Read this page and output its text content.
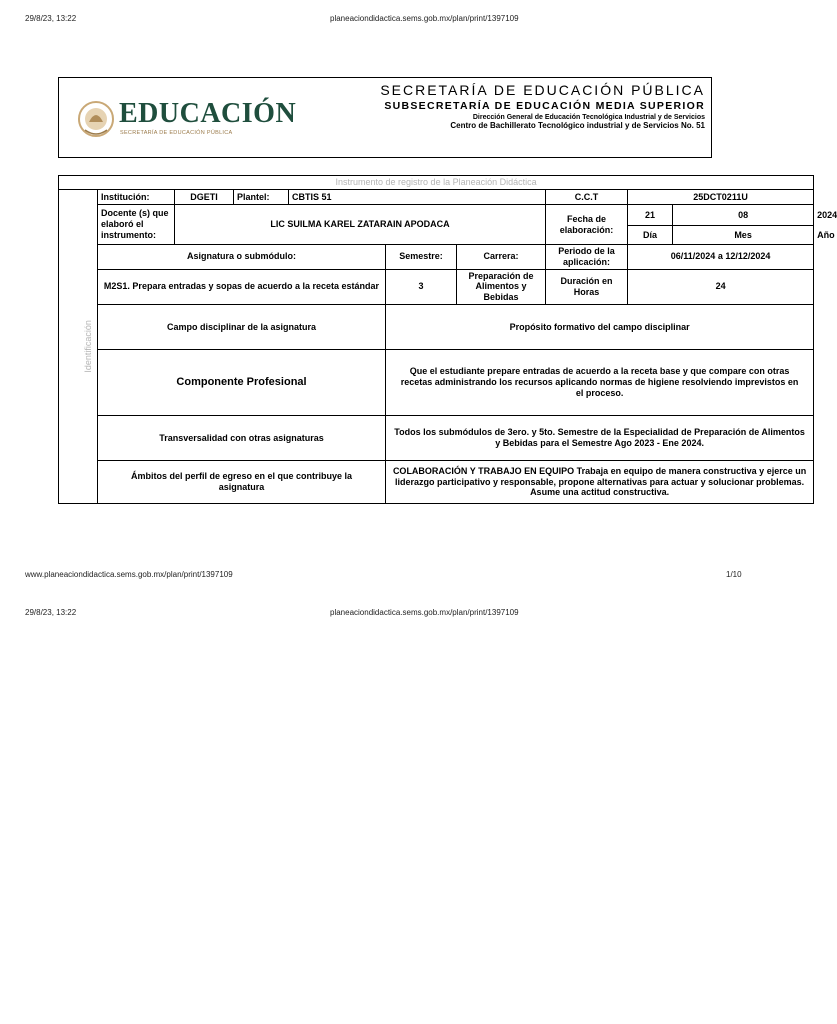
29/8/23, 13:22	planeaciondidactica.sems.gob.mx/plan/print/1397109
EDUCACIÓN
SECRETARÍA DE EDUCACIÓN PÚBLICA
SECRETARÍA DE EDUCACIÓN PÚBLICA
SUBSECRETARÍA DE EDUCACIÓN MEDIA SUPERIOR
Dirección General de Educación Tecnológica Industrial y de Servicios
Centro de Bachillerato Tecnológico industrial y de Servicios No. 51
Instrumento de registro de la Planeación Didáctica										
Identificación	Institución:	DGETI	Plantel:	CBTIS 51			C.C.T	25DCT0211U		
	Docente (s) que elaboró el instrumento:	LIC SUILMA KAREL ZATARAIN APODACA					Fecha de elaboración:	21	08	2024
								Día	Mes	Año
	Asignatura o submódulo:				Semestre:	Carrera:	Periodo de la aplicación:	06/11/2024 a 12/12/2024		
	M2S1. Prepara entradas y sopas de acuerdo a la receta estándar				3	Preparación de Alimentos y Bebidas	Duración en Horas	24		
	Campo disciplinar de la asignatura				Propósito formativo del campo disciplinar					
	Componente Profesional				Que el estudiante prepare entradas de acuerdo a la receta base y que compare con otras recetas administrando los recursos aplicando normas de higiene resolviendo imprevistos en el proceso.					
	Transversalidad con otras asignaturas				Todos los submódulos de 3ero. y 5to. Semestre de la Especialidad de Preparación de Alimentos y Bebidas para el Semestre Ago 2023 - Ene 2024.					
	Ámbitos del perfil de egreso en el que contribuye la asignatura				COLABORACIÓN Y TRABAJO EN EQUIPO Trabaja en equipo de manera constructiva y ejerce un liderazgo participativo y responsable, propone alternativas para actuar y solucionar problemas. Asume una actitud constructiva.					
www.planeaciondidactica.sems.gob.mx/plan/print/1397109	1/10
29/8/23, 13:22	planeaciondidactica.sems.gob.mx/plan/print/1397109
